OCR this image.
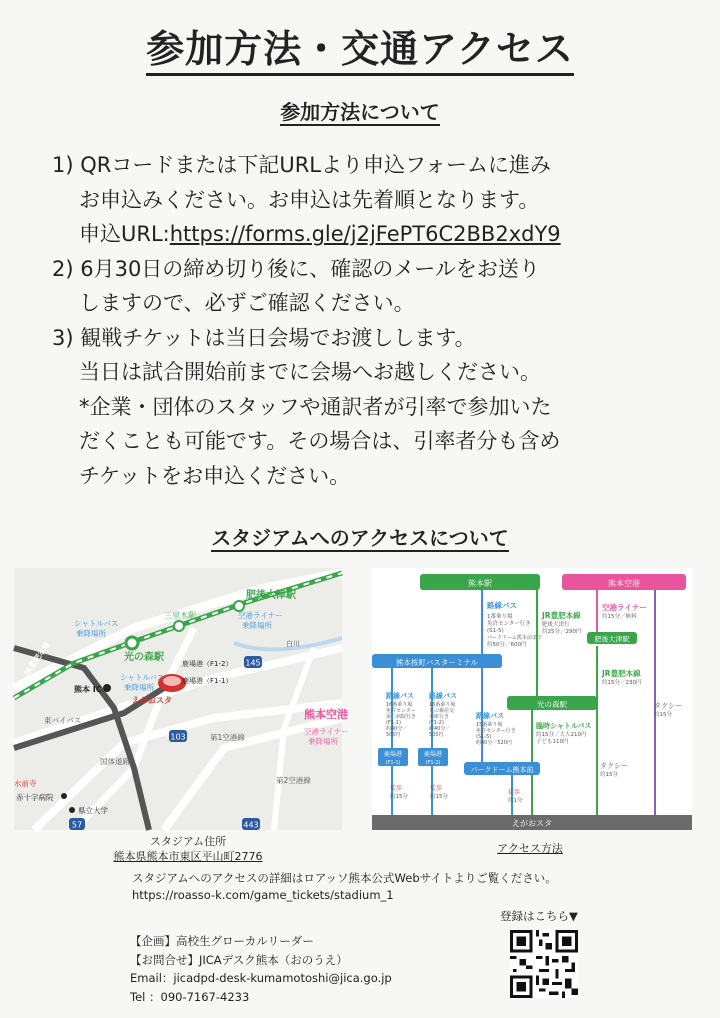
参加方法・交通アクセス
参加方法について
1) QRコードまたは下記URLより申込フォームに進み
お申込みください。お申込は先着順となります。
申込URL:https://forms.gle/j2jFePT6C2BB2xdY9
2) 6月30日の締め切り後に、確認のメールをお送り
しますので、必ずご確認ください。
3) 観戦チケットは当日会場でお渡しします。
当日は試合開始前までに会場へお越しください。
*企業・団体のスタッフや通訳者が引率で参加いた
だくことも可能です。その場合は、引率者分も含め
チケットをお申込ください。
スタジアムへのアクセスについて
145
103
57	443
肥後大津駅
三里木駅
光の森駅
シャトルバス
乗降場所
シャトルバス
乗降場所
空港ライナー
乗降場所
熊本空港
空港ライナー
乗降場所
えがおスタ
熊本 IC
水前寺
赤十字病院
県立大学
鹿場港（F1-2）
鹿場港（F1-1）
白川
第1空港線
第2空港線
東バイパス
国体道路
JR豊肥本線
熊本駅	熊本空港
熊本桜町バスターミナル
肥後大津駅
光の森駅
パークドーム熊本前
えがおスタ
路線バス
1番乗り場
免許センター行き
(S1-5)
パークドーム熊本前まで
約50分／600円
JR豊肥本線
肥後大津行
約25分／290円
空港ライナー
約15分／無料
JR豊肥本線
約15分／230円
路線バス
16番乗り場
免許センター
第二病院行き
(F1-1)
約40分／
500円
路線バス
16番乗り場
光の森産交
車庫行き
(F1-2)
約40分／
500円
路線バス
15番乗り場
免許センター行き
(S1-5)
約40分／520円
臨時シャトルバス
約15分／大人210円
子ども110円
タクシー
約15分
タクシー
約15分
鹿場港
(F1-1)
鹿場港
(F1-2)
徒歩
約15分
徒歩
約15分
徒歩
約1分
スタジアム住所
熊本県熊本市東区平山町2776
アクセス方法
スタジアムへのアクセスの詳細はロアッソ熊本公式Webサイトよりご覧ください。
https://roasso-k.com/game_tickets/stadium_1
【企画】高校生グローカルリーダー
【お問合せ】JICAデスク熊本（おのうえ）
Email：jicadpd-desk-kumamotoshi@jica.go.jp
Tel ：090-7167-4233
登録はこちら▼
